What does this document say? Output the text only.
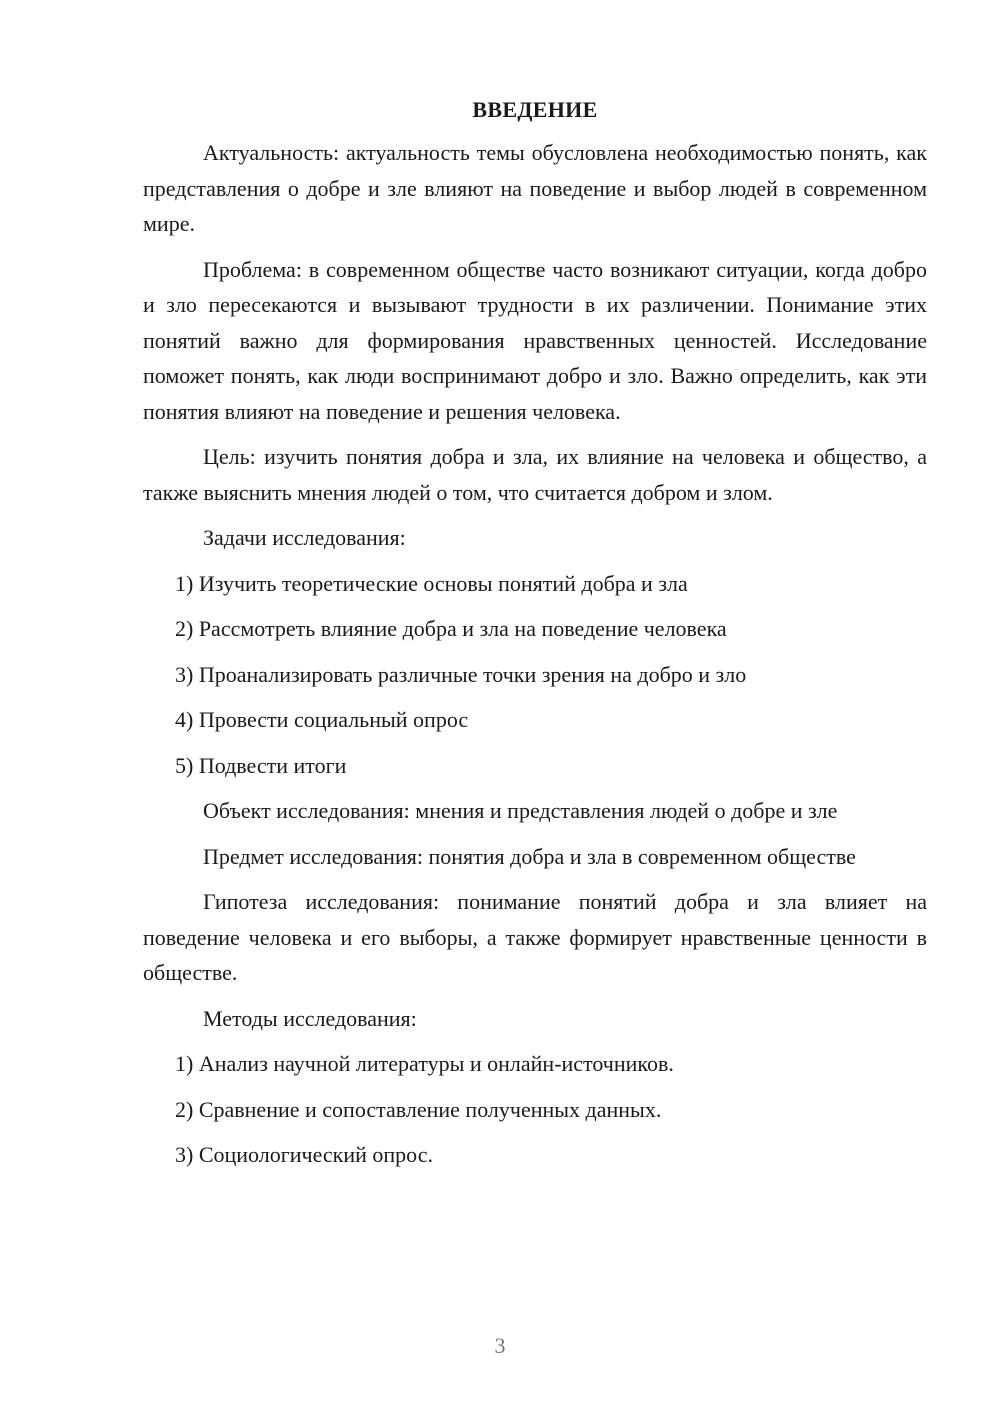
ВВЕДЕНИЕ

Актуальность: актуальность темы обусловлена необходимостью понять, как представления о добре и зле влияют на поведение и выбор людей в современном мире.

Проблема: в современном обществе часто возникают ситуации, когда добро и зло пересекаются и вызывают трудности в их различении. Понимание этих понятий важно для формирования нравственных ценностей. Исследование поможет понять, как люди воспринимают добро и зло. Важно определить, как эти понятия влияют на поведение и решения человека.

Цель: изучить понятия добра и зла, их влияние на человека и общество, а также выяснить мнения людей о том, что считается добром и злом.

Задачи исследования:

1) Изучить теоретические основы понятий добра и зла

2) Рассмотреть влияние добра и зла на поведение человека

3) Проанализировать различные точки зрения на добро и зло

4) Провести социальный опрос

5) Подвести итоги

Объект исследования: мнения и представления людей о добре и зле

Предмет исследования: понятия добра и зла в современном обществе

Гипотеза исследования: понимание понятий добра и зла влияет на поведение человека и его выборы, а также формирует нравственные ценности в обществе.

Методы исследования:

1) Анализ научной литературы и онлайн-источников.

2) Сравнение и сопоставление полученных данных.

3) Социологический опрос.

3
